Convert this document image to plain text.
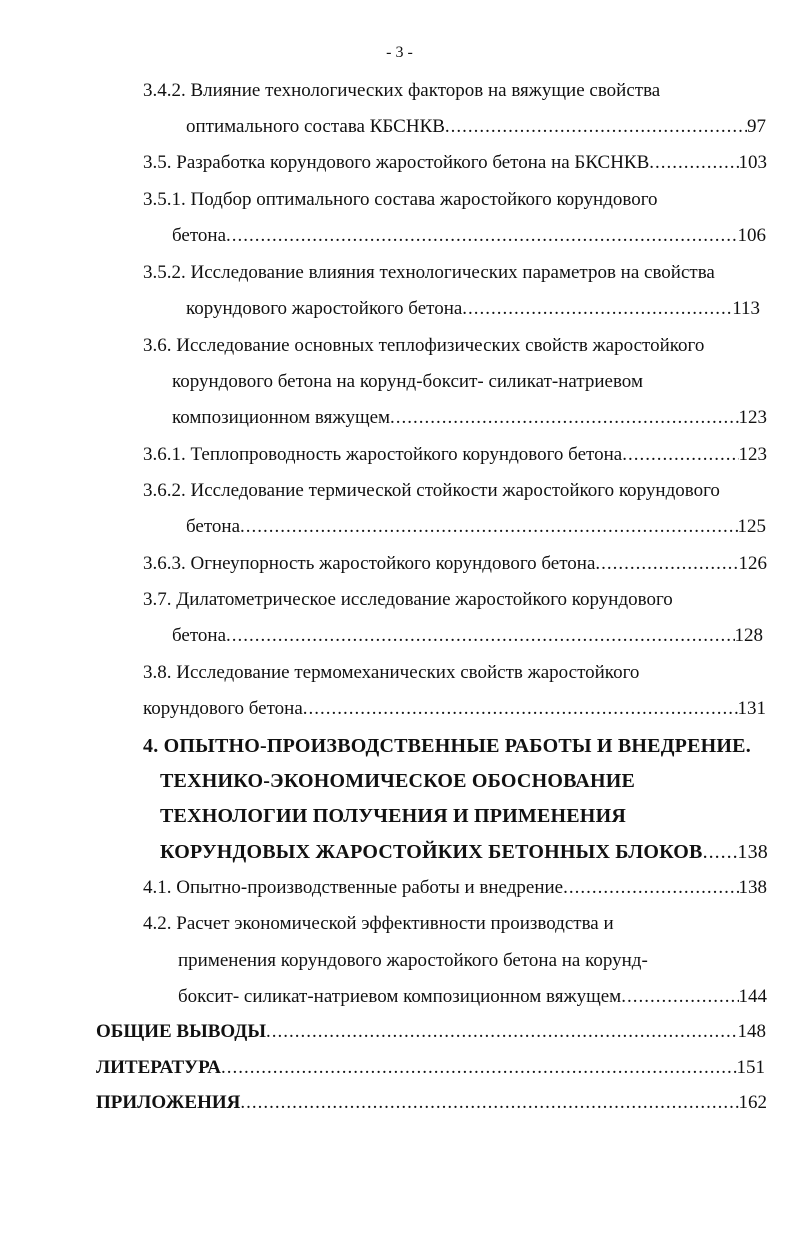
- 3 -
3.4.2. Влияние технологических факторов на вяжущие свойства
оптимального состава КБСНКВ .....	97
3.5. Разработка корундового жаростойкого бетона на БКСНКВ .....	103
3.5.1. Подбор оптимального состава жаростойкого корундового
бетона .....	106
3.5.2. Исследование влияния технологических параметров на свойства
корундового жаростойкого бетона .....	113
3.6. Исследование основных теплофизических свойств жаростойкого
корундового бетона на корунд-боксит- силикат-натриевом
композиционном вяжущем .....	123
3.6.1. Теплопроводность жаростойкого корундового бетона .....	123
3.6.2. Исследование термической стойкости жаростойкого корундового
бетона .....	125
3.6.3. Огнеупорность жаростойкого корундового бетона .....	126
3.7. Дилатометрическое исследование жаростойкого корундового
бетона .....	128
3.8. Исследование термомеханических свойств жаростойкого
корундового бетона .....	131
4. ОПЫТНО-ПРОИЗВОДСТВЕННЫЕ РАБОТЫ И ВНЕДРЕНИЕ.
ТЕХНИКО-ЭКОНОМИЧЕСКОЕ ОБОСНОВАНИЕ
ТЕХНОЛОГИИ ПОЛУЧЕНИЯ И ПРИМЕНЕНИЯ
КОРУНДОВЫХ ЖАРОСТОЙКИХ БЕТОННЫХ БЛОКОВ ..... 138
4.1. Опытно-производственные работы и внедрение .....	138
4.2. Расчет экономической эффективности производства и
применения корундового жаростойкого бетона на корунд-
боксит- силикат-натриевом композиционном вяжущем .....	144
ОБЩИЕ ВЫВОДЫ .....	148
ЛИТЕРАТУРА .....	151
ПРИЛОЖЕНИЯ .....	162
